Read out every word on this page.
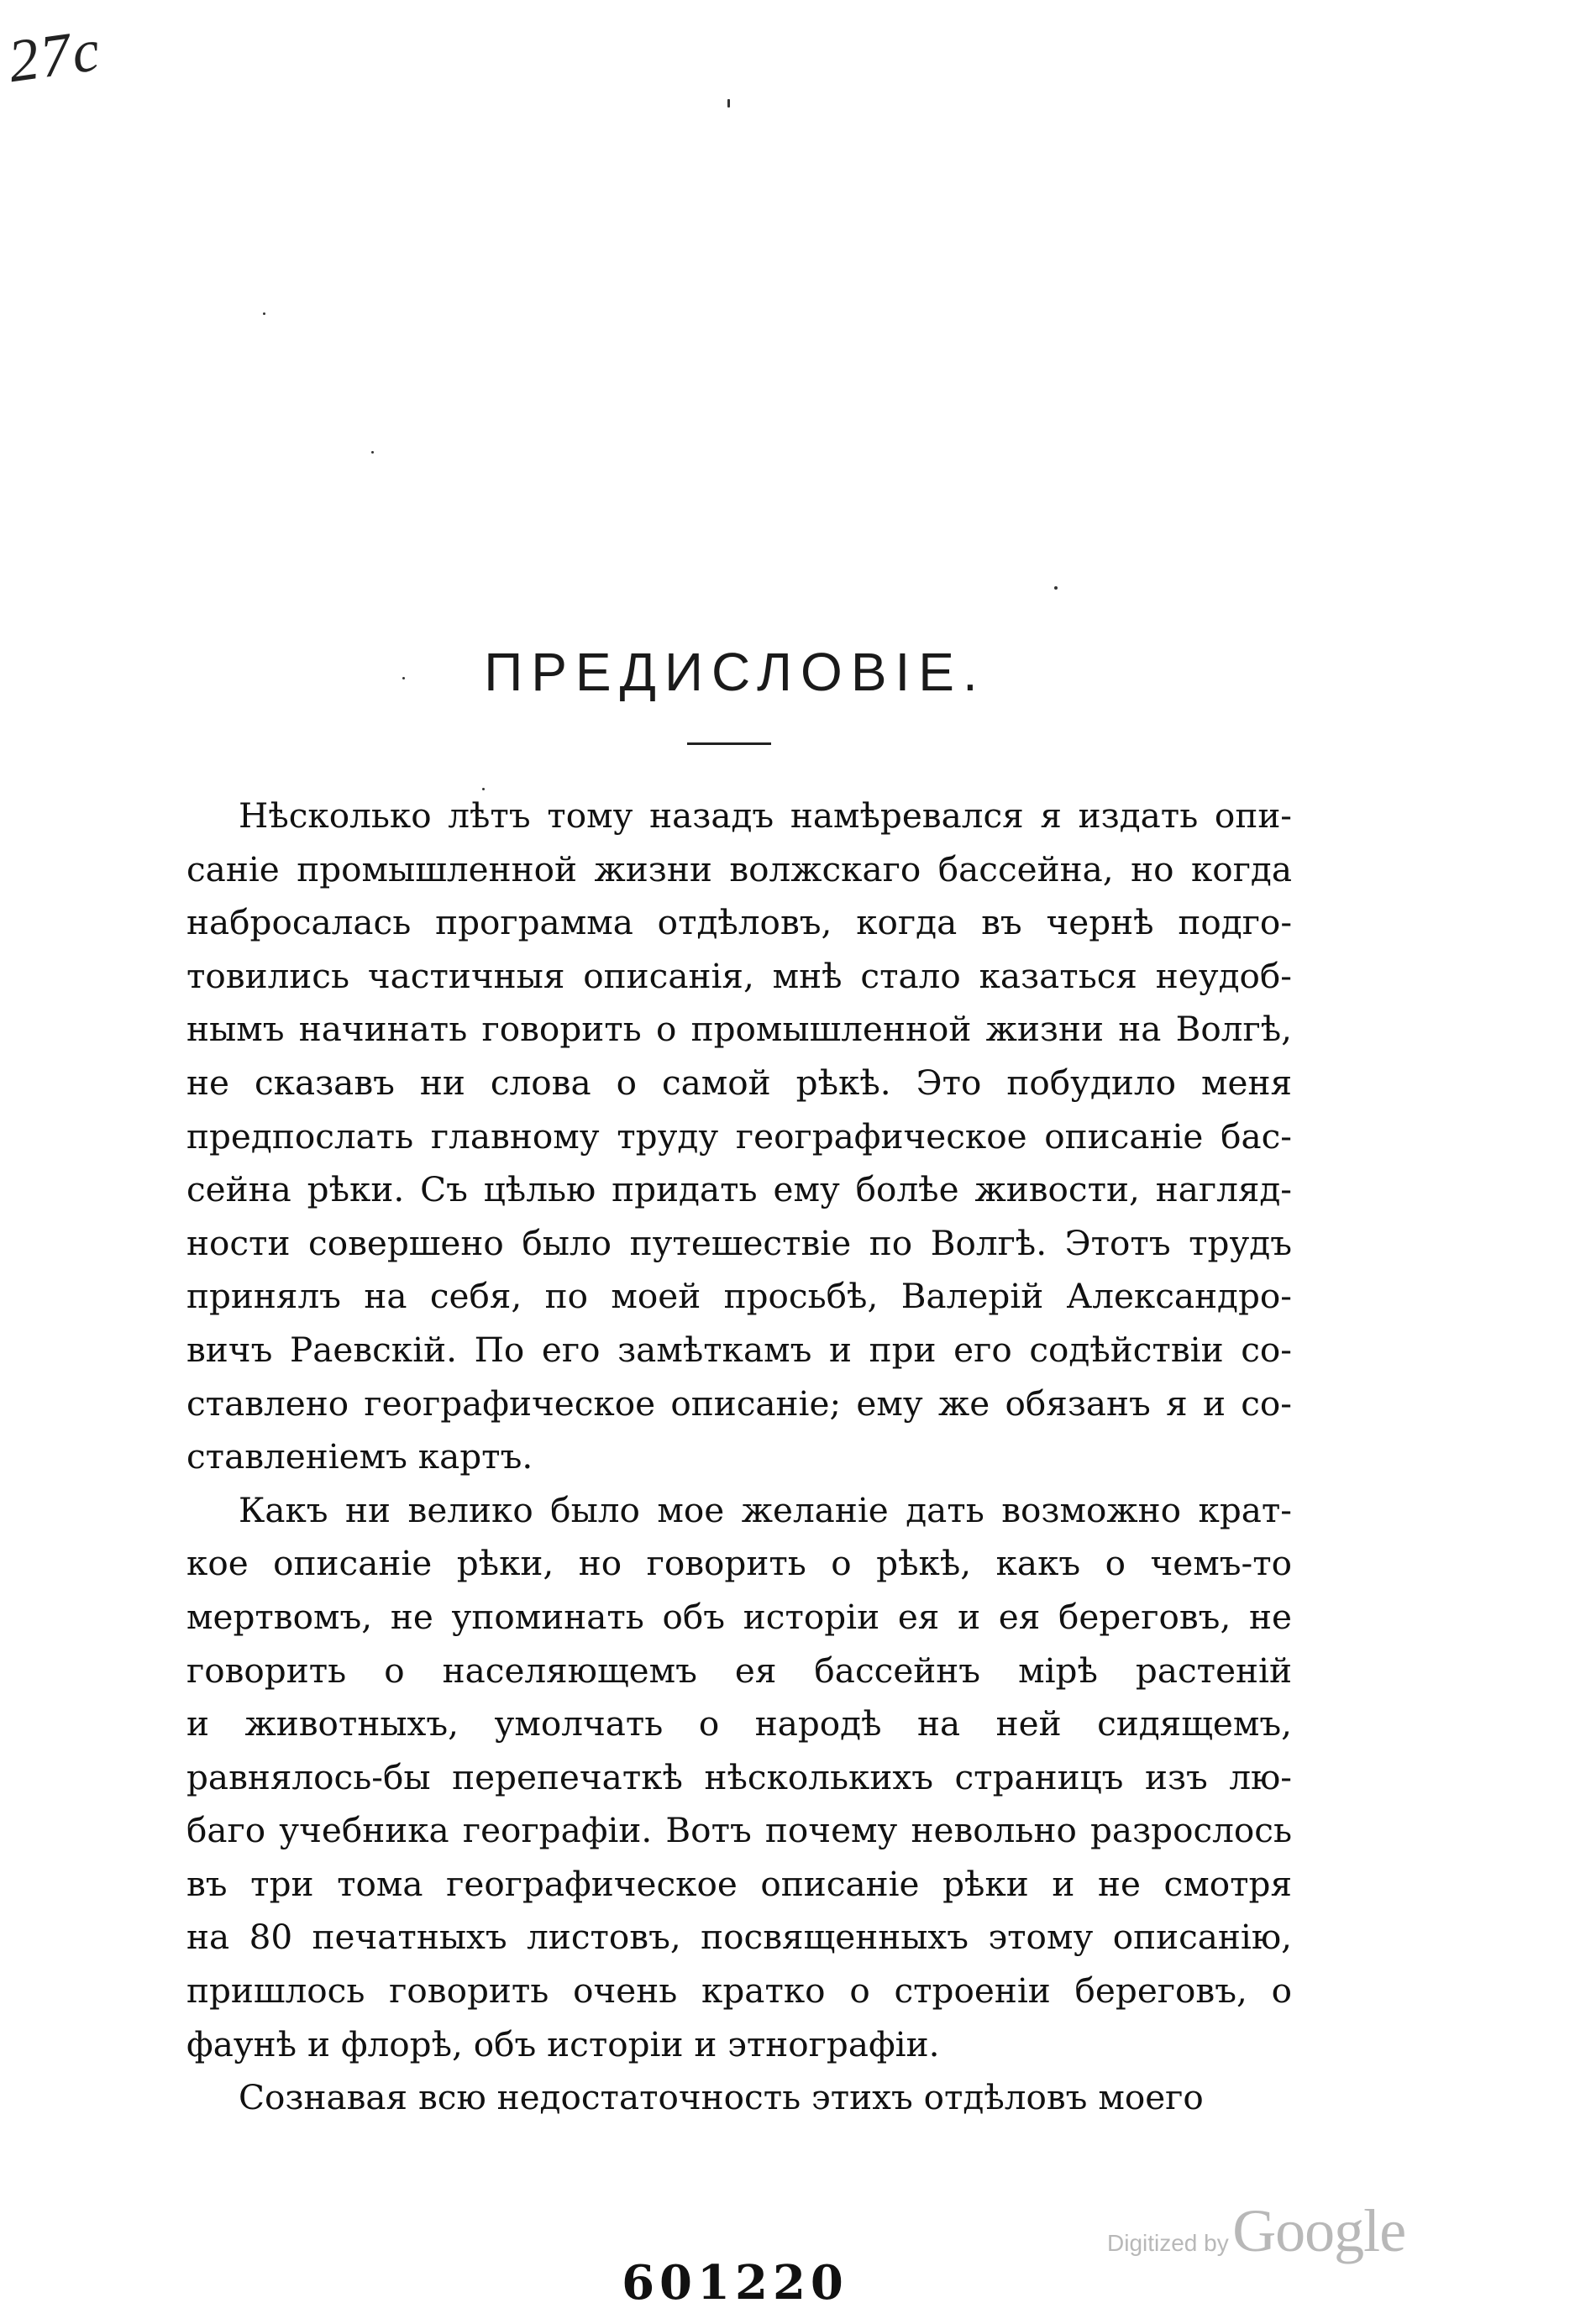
27c
ПРЕДИСЛОВІЕ.
Нѣсколько лѣтъ тому назадъ намѣревался я издать опи-
саніе промышленной жизни волжскаго бассейна, но когда
набросалась программа отдѣловъ, когда въ чернѣ подго-
товились частичныя описанія, мнѣ стало казаться неудоб-
нымъ начинать говорить о промышленной жизни на Волгѣ,
не сказавъ ни слова о самой рѣкѣ. Это побудило меня
предпослать главному труду географическое описаніе бас-
сейна рѣки. Съ цѣлью придать ему болѣе живости, нагляд-
ности совершено было путешествіе по Волгѣ. Этотъ трудъ
принялъ на себя, по моей просьбѣ, Валерій Александро-
вичъ Раевскій. По его замѣткамъ и при его содѣйствіи со-
ставлено географическое описаніе; ему же обязанъ я и со-
ставленіемъ картъ.
Какъ ни велико было мое желаніе дать возможно крат-
кое описаніе рѣки, но говорить о рѣкѣ, какъ о чемъ-то
мертвомъ, не упоминать объ исторіи ея и ея береговъ, не
говорить о населяющемъ ея бассейнъ мірѣ растеній
и животныхъ, умолчать о народѣ на ней сидящемъ,
равнялось-бы перепечаткѣ нѣсколькихъ страницъ изъ лю-
баго учебника географіи. Вотъ почему невольно разрослось
въ три тома географическое описаніе рѣки и не смотря
на 80 печатныхъ листовъ, посвященныхъ этому описанію,
пришлось говорить очень кратко о строеніи береговъ, о
фаунѣ и флорѣ, объ исторіи и этнографіи.
Сознавая всю недостаточность этихъ отдѣловъ моего
Digitized by Google
601220
